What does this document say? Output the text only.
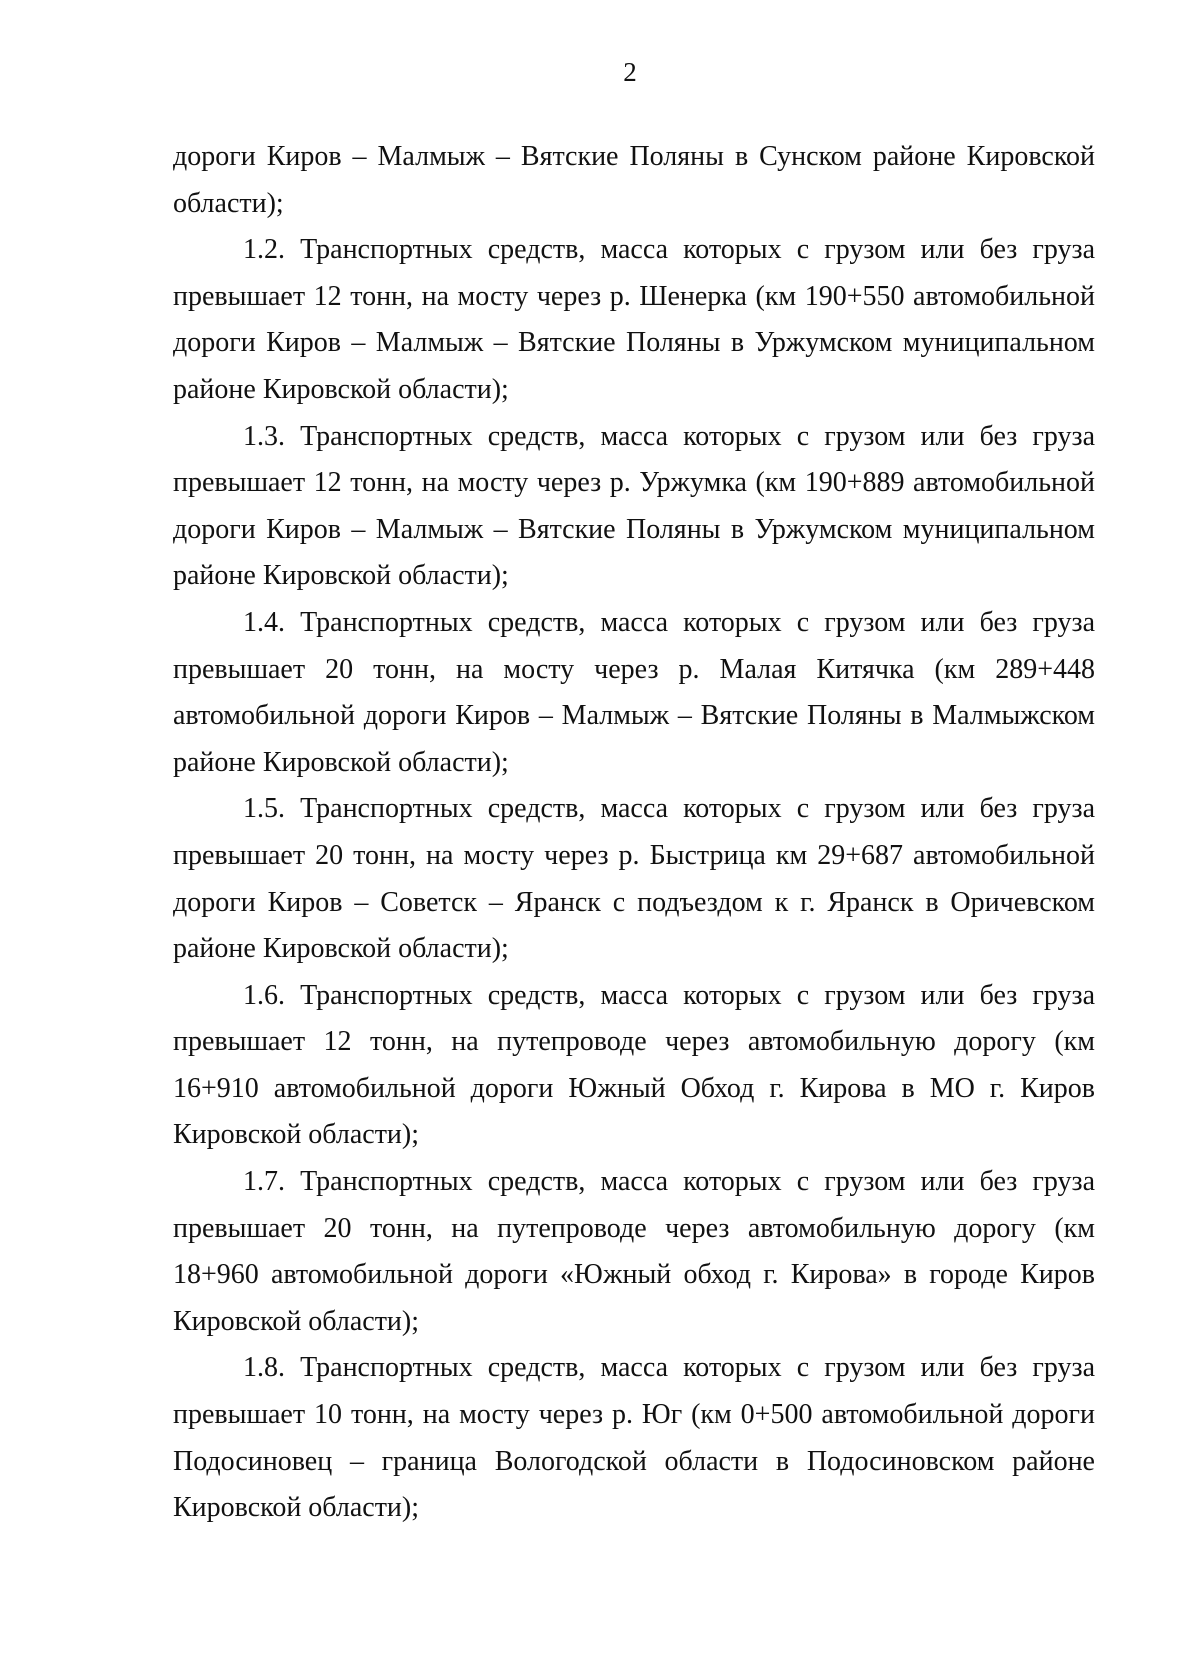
2

дороги Киров – Малмыж – Вятские Поляны в Сунском районе Кировской области);

1.2. Транспортных средств, масса которых с грузом или без груза превышает 12 тонн, на мосту через р. Шенерка (км 190+550 автомобильной дороги Киров – Малмыж – Вятские Поляны в Уржумском муниципальном районе Кировской области);

1.3. Транспортных средств, масса которых с грузом или без груза превышает 12 тонн, на мосту через р. Уржумка (км 190+889 автомобильной дороги Киров – Малмыж – Вятские Поляны в Уржумском муниципальном районе Кировской области);

1.4. Транспортных средств, масса которых с грузом или без груза превышает 20 тонн, на мосту через р. Малая Китячка (км 289+448 автомобильной дороги Киров – Малмыж – Вятские Поляны в Малмыжском районе Кировской области);

1.5. Транспортных средств, масса которых с грузом или без груза превышает 20 тонн, на мосту через р. Быстрица км 29+687 автомобильной дороги Киров – Советск – Яранск с подъездом к г. Яранск в Оричевском районе Кировской области);

1.6. Транспортных средств, масса которых с грузом или без груза превышает 12 тонн, на путепроводе через автомобильную дорогу (км 16+910 автомобильной дороги Южный Обход г. Кирова в МО г. Киров Кировской области);

1.7. Транспортных средств, масса которых с грузом или без груза превышает 20 тонн, на путепроводе через автомобильную дорогу (км 18+960 автомобильной дороги «Южный обход г. Кирова» в городе Киров Кировской области);

1.8. Транспортных средств, масса которых с грузом или без груза превышает 10 тонн, на мосту через р. Юг (км 0+500 автомобильной дороги Подосиновец – граница Вологодской области в Подосиновском районе Кировской области);
